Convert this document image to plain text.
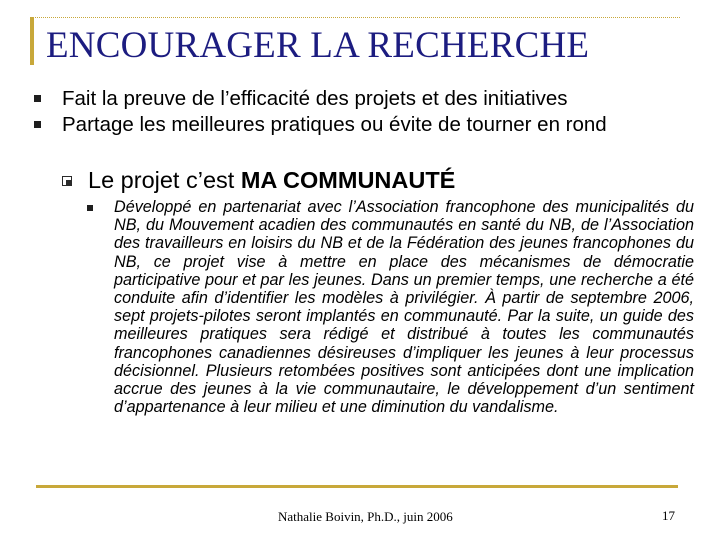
ENCOURAGER LA RECHERCHE

Fait la preuve de l’efficacité des projets et des initiatives

Partage les meilleures pratiques ou évite de tourner en rond

Le projet c’est MA COMMUNAUTÉ

Développé en partenariat avec l’Association francophone des municipalités du NB, du Mouvement acadien des communautés en santé du NB, de l’Association des travailleurs en loisirs du NB et de la Fédération des jeunes francophones du NB, ce projet vise à mettre en place des mécanismes de démocratie participative pour et par les jeunes. Dans un premier temps, une recherche a été conduite afin d’identifier les modèles à privilégier. À partir de septembre 2006, sept projets-pilotes seront implantés en communauté. Par la suite, un guide des meilleures pratiques sera rédigé et distribué à toutes les communautés francophones canadiennes désireuses d’impliquer les jeunes à leur processus décisionnel. Plusieurs retombées positives sont anticipées dont une implication accrue des jeunes à la vie communautaire, le développement d’un sentiment d’appartenance à leur milieu et une diminution du vandalisme.

Nathalie Boivin, Ph.D., juin 2006	17
